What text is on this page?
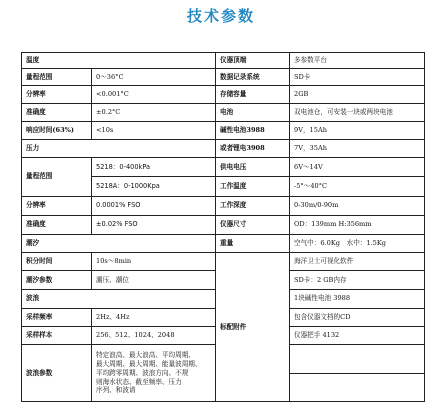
技术参数
温度		仪器顶端	多参数平台
量程范围	0～36°C	数据记录系统	SD卡
分辨率	<0.001°C	存储容量	2GB
准确度	±0.2°C	电池	双电池仓，可安装一块或两块电池
响应时间(63%)	<10s	碱性电池3988	9V，15Ah
压力		或者锂电3908	7V，35Ah
量程范围	5218：0-400kPa	供电电压	6V～14V
	5218A：0-1000Kpa	工作温度	-5°～40°C
分辨率	0.0001% FSO	工作深度	0-30m/0-90m
准确度	±0.02% FSO	仪器尺寸	OD：139mm H:356mm
潮汐		重量	空气中：6.0Kg　水中：1.5Kg
积分时间	10s～8min	标配附件	海洋卫士可视化软件
潮汐参数	潮压、潮位		SD卡：2 GB内存
波浪			1块碱性电池 3988
采样频率	2Hz、4Hz		包含仪器文档的CD
采样样本	256、512、1024、2048		仪器把手 4132
波浪参数	特定浪高、最大浪高、平均周期、
最大周期、最大周期、能量波周期、
平均跨零周期、波浪方向、不规
则海水状态、截至频率、压力
序列、和波谱		
